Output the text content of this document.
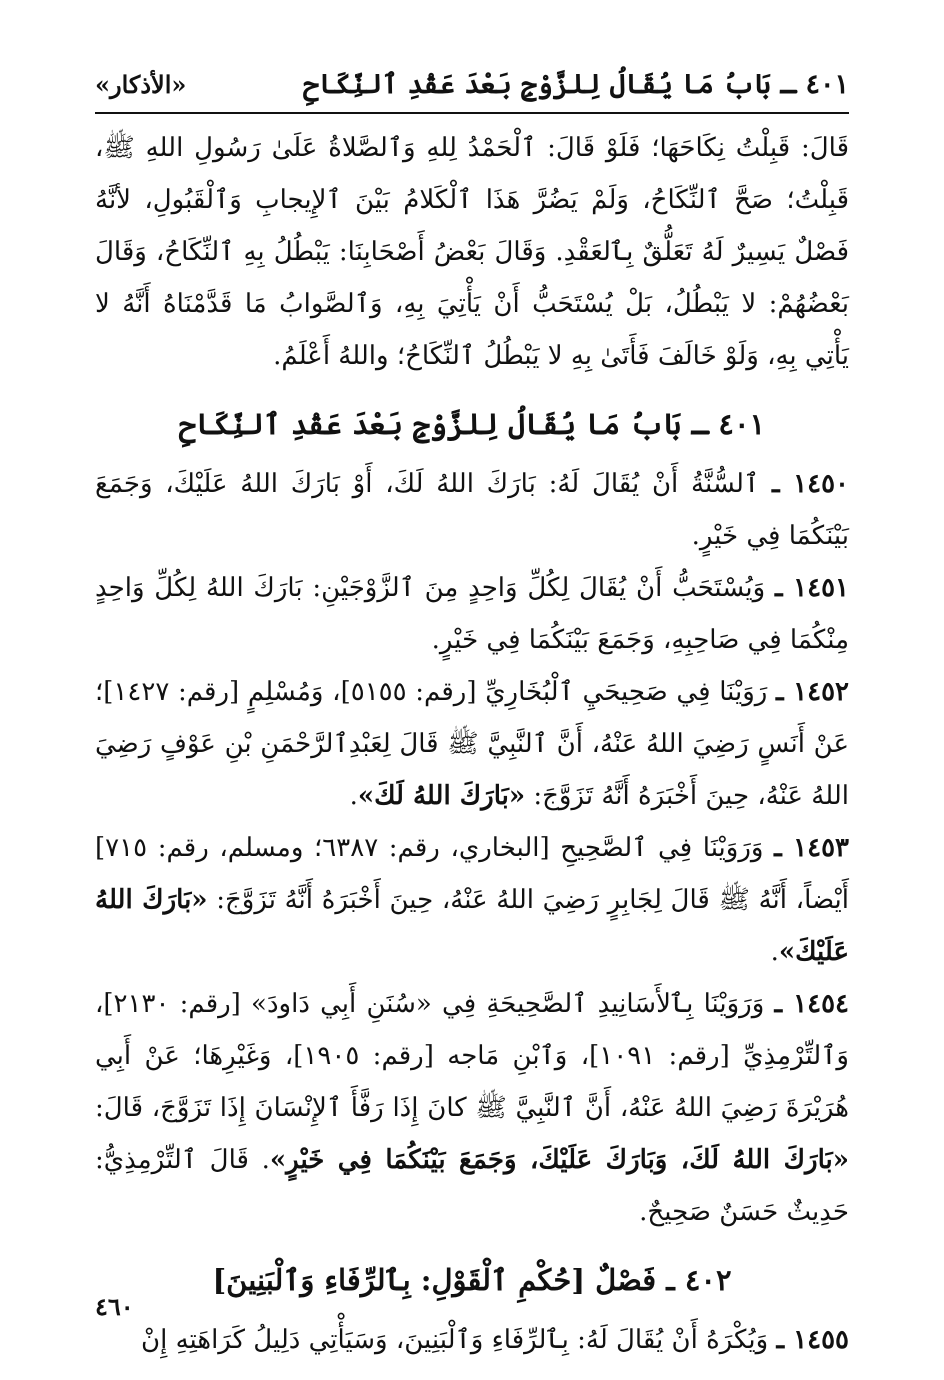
٤٠١ ـ بَابُ مَا يُقَالُ لِلزَّوْجِ بَعْدَ عَقْدِ ٱلنِّكَاحِ
«الأذكار»

قَالَ: قَبِلْتُ نِكَاحَهَا؛ فَلَوْ قَالَ: ٱلْحَمْدُ لِلهِ وَٱلصَّلاةُ عَلَىٰ رَسُولِ اللهِ ﷺ، قَبِلْتُ؛ صَحَّ ٱلنِّكَاحُ، وَلَمْ يَضُرَّ هَذَا ٱلْكَلامُ بَيْنَ ٱلإِيجابِ وَٱلْقَبُولِ، لأنَّهُ فَصْلٌ يَسِيرٌ لَهُ تَعَلُّقٌ بِٱلعَقْدِ. وَقَالَ بَعْضُ أَصْحَابِنَا: يَبْطُلُ بِهِ ٱلنِّكَاحُ، وَقَالَ بَعْضُهُمْ: لا يَبْطُلُ، بَلْ يُسْتَحَبُّ أَنْ يَأْتِيَ بِهِ، وَٱلصَّوابُ مَا قَدَّمْنَاهُ أَنَّهُ لا يَأْتِي بِهِ، وَلَوْ خَالَفَ فَأَتَىٰ بِهِ لا يَبْطُلُ ٱلنِّكَاحُ؛ واللهُ أَعْلَمُ.

٤٠١ ـ بَابُ مَا يُقَالُ لِلزَّوْجِ بَعْدَ عَقْدِ ٱلنِّكَاحِ

١٤٥٠ ـ ٱلسُّنَّةُ أَنْ يُقَالَ لَهُ: بَارَكَ اللهُ لَكَ، أَوْ بَارَكَ اللهُ عَلَيْكَ، وَجَمَعَ بَيْنَكُمَا فِي خَيْرٍ.

١٤٥١ ـ وَيُسْتَحَبُّ أَنْ يُقَالَ لِكُلِّ وَاحِدٍ مِنَ ٱلزَّوْجَيْنِ: بَارَكَ اللهُ لِكُلِّ وَاحِدٍ مِنْكُمَا فِي صَاحِبِهِ، وَجَمَعَ بَيْنَكُمَا فِي خَيْرٍ.

١٤٥٢ ـ رَوَيْنَا فِي صَحِيحَيِ ٱلْبُخَارِيِّ [رقم: ٥١٥٥]، وَمُسْلِمٍ [رقم: ١٤٢٧]؛ عَنْ أَنَسٍ رَضِيَ اللهُ عَنْهُ، أَنَّ ٱلنَّبِيَّ ﷺ قَالَ لِعَبْدِٱلرَّحْمَنِ بْنِ عَوْفٍ رَضِيَ اللهُ عَنْهُ، حِينَ أَخْبَرَهُ أَنَّهُ تَزَوَّجَ: «بَارَكَ اللهُ لَكَ».

١٤٥٣ ـ وَرَوَيْنَا فِي ٱلصَّحِيحِ [البخاري، رقم: ٦٣٨٧؛ ومسلم، رقم: ٧١٥] أَيْضاً، أَنَّهُ ﷺ قَالَ لِجَابِرٍ رَضِيَ اللهُ عَنْهُ، حِينَ أَخْبَرَهُ أَنَّهُ تَزَوَّجَ: «بَارَكَ اللهُ عَلَيْكَ».

١٤٥٤ ـ وَرَوَيْنَا بِٱلأَسَانِيدِ ٱلصَّحِيحَةِ فِي «سُنَنِ أَبِي دَاودَ» [رقم: ٢١٣٠]، وَٱلتِّرْمِذِيِّ [رقم: ١٠٩١]، وَٱبْنِ مَاجه [رقم: ١٩٠٥]، وَغَيْرِهَا؛ عَنْ أَبِي هُرَيْرَةَ رَضِيَ اللهُ عَنْهُ، أَنَّ ٱلنَّبِيَّ ﷺ كانَ إِذَا رَفَّأَ ٱلإِنْسَانَ إِذَا تَزَوَّجَ، قَالَ: «بَارَكَ اللهُ لَكَ، وَبَارَكَ عَلَيْكَ، وَجَمَعَ بَيْنَكُمَا فِي خَيْرٍ». قَالَ ٱلتِّرْمِذِيُّ: حَدِيثٌ حَسَنٌ صَحِيحٌ.

٤٠٢ ـ فَصْلٌ [حُكْمِ ٱلْقَوْلِ: بِٱلرِّفَاءِ وَٱلْبَنِينَ]

١٤٥٥ ـ وَيُكْرَهُ أَنْ يُقَالَ لَهُ: بِٱلرِّفَاءِ وَٱلْبَنِينَ، وَسَيَأْتِي دَلِيلُ كَرَاهَتِهِ إِنْ

٤٦٠
